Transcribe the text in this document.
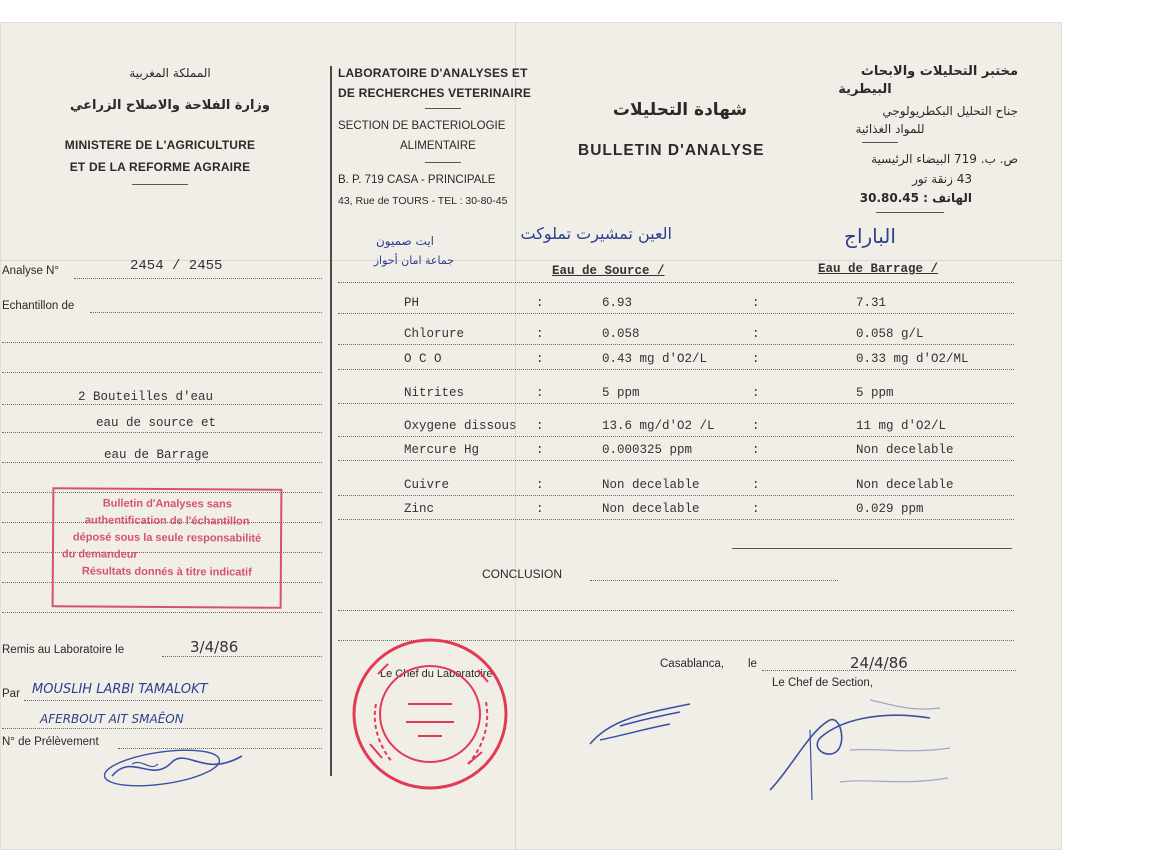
المملكة المغربية
وزارة الفلاحة والاصلاح الزراعي
MINISTERE DE L'AGRICULTURE
ET DE LA REFORME AGRAIRE
LABORATOIRE D'ANALYSES ET
DE RECHERCHES VETERINAIRE
SECTION DE BACTERIOLOGIE
ALIMENTAIRE
B. P. 719 CASA - PRINCIPALE
43, Rue de TOURS - TEL : 30-80-45
شهادة التحليلات
BULLETIN D'ANALYSE
مختبر التحليلات والابحاث
البيطرية
جناح التحليل البكطريولوجي
للمواد الغذائية
ص. ب. 719 البيضاء الرئيسية
43 زنقة تور
الهاتف : 30.80.45
Analyse N°	2454 / 2455
Echantillon de
2 Bouteilles d'eau
eau de source et
eau de Barrage
Bulletin d'Analyses sans
authentification de l'échantillon
déposé sous la seule responsabilité
du demandeur
Résultats donnés à titre indicatif
Remis au Laboratoire le	3/4/86
Par MOUSLIH LARBI TAMALOKT
AFERBOUT AIT SMAÊON
N° de Prélèvement
العين تمشيرت تملوكت
ايت صميون
جماعة امان أحواز
الباراج
Eau de Source /	Eau de Barrage /
PH	:	6.93	:	7.31
Chlorure	:	0.058	:	0.058 g/L
O C O	:	0.43 mg d'O2/L	:	0.33 mg d'O2/ML
Nitrites	:	5 ppm	:	5 ppm
Oxygene dissous :	13.6 mg/d'O2 /L	:	11 mg d'O2/L
Mercure Hg	:	0.000325 ppm	:	Non decelable
Cuivre	:	Non decelable	:	Non decelable
Zinc	:	Non decelable	:	0.029 ppm
CONCLUSION
Le Chef du Laboratoire
Casablanca, le	24/4/86
Le Chef de Section,
